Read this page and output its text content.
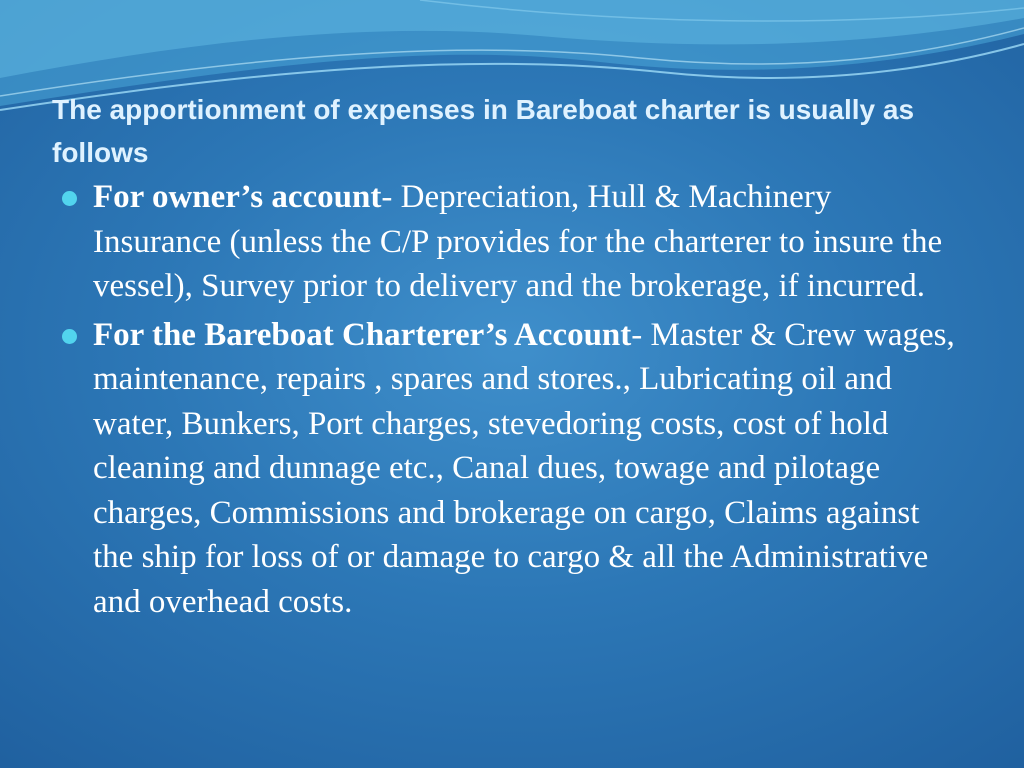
The apportionment of expenses in Bareboat charter is usually as follows
For owner’s account- Depreciation, Hull & Machinery Insurance (unless the C/P provides for the charterer to insure the vessel), Survey prior to delivery and the brokerage, if incurred.
For the Bareboat Charterer’s Account- Master & Crew wages, maintenance, repairs , spares and stores., Lubricating oil and water, Bunkers, Port charges, stevedoring costs, cost of hold cleaning and dunnage etc., Canal dues, towage and pilotage charges, Commissions and brokerage on cargo, Claims against the ship for loss of or damage to cargo & all the Administrative and overhead costs.
